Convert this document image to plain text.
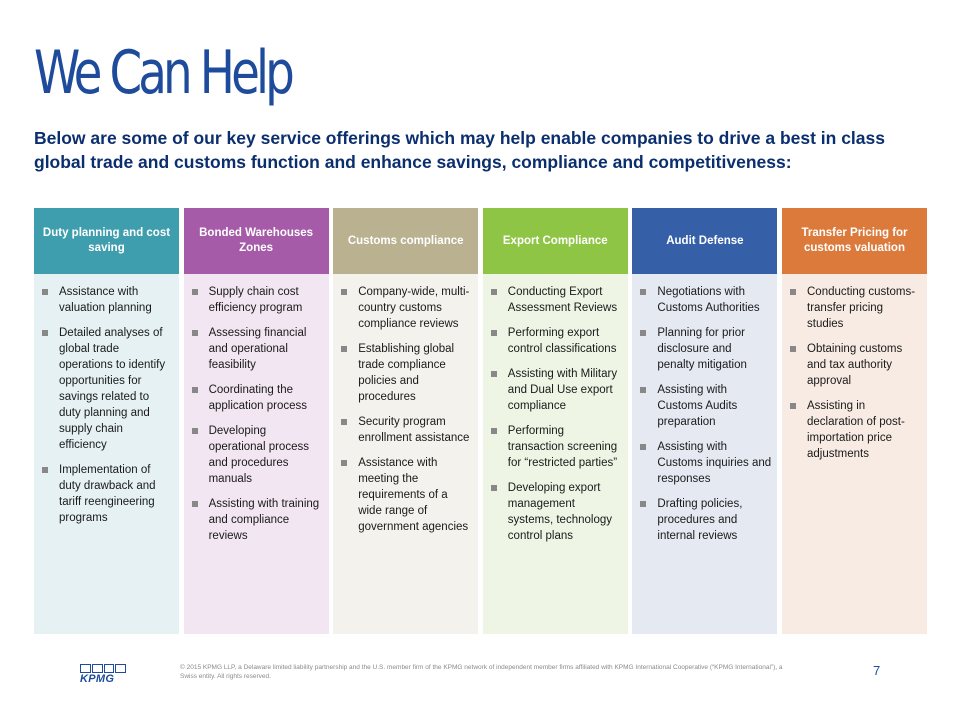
We Can Help

Below are some of our key service offerings which may help enable companies to drive a best in class global trade and customs function and enhance savings, compliance and competitiveness:

Duty planning and cost saving
Assistance with valuation planning
Detailed analyses of global trade operations to identify opportunities for savings related to duty planning and supply chain efficiency
Implementation of duty drawback and tariff reengineering programs
Bonded Warehouses Zones
Supply chain cost efficiency program
Assessing financial and operational feasibility
Coordinating the application process
Developing operational process and procedures manuals
Assisting with training and compliance reviews
Customs compliance
Company-wide, multi-country customs compliance reviews
Establishing global trade compliance policies and procedures
Security program enrollment assistance
Assistance with meeting the requirements of a wide range of government agencies
Export Compliance
Conducting Export Assessment Reviews
Performing export control classifications
Assisting with Military and Dual Use export compliance
Performing transaction screening for “restricted parties”
Developing export management systems, technology control plans
Audit Defense
Negotiations with Customs Authorities
Planning for prior disclosure and penalty mitigation
Assisting with Customs Audits preparation
Assisting with Customs inquiries and responses
Drafting policies, procedures and internal reviews
Transfer Pricing for customs valuation
Conducting customs-transfer pricing studies
Obtaining customs and tax authority approval
Assisting in declaration of post-importation price adjustments
KPMG

© 2015 KPMG LLP, a Delaware limited liability partnership and the U.S. member firm of the KPMG network of independent member firms affiliated with KPMG International Cooperative (“KPMG International”), a Swiss entity. All rights reserved.	7
